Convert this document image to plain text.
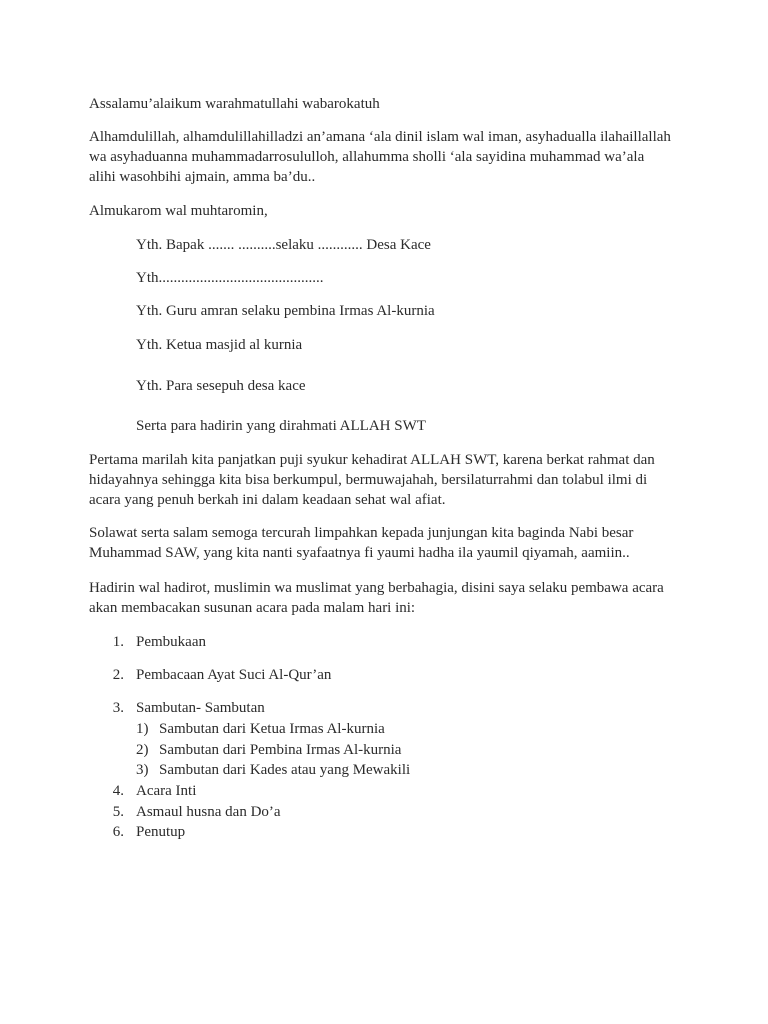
Assalamu’alaikum warahmatullahi wabarokatuh
Alhamdulillah, alhamdulillahilladzi an’amana ‘ala dinil islam wal iman, asyhadualla ilahaillallah
wa asyhaduanna muhammadarrosululloh, allahumma sholli ‘ala sayidina muhammad wa’ala
alihi wasohbihi ajmain, amma ba’du..
Almukarom wal muhtaromin,
Yth. Bapak ....... ..........selaku ............ Desa Kace
Yth............................................
Yth. Guru amran selaku pembina Irmas Al-kurnia
Yth. Ketua masjid al kurnia
Yth. Para sesepuh desa kace
Serta para hadirin yang dirahmati ALLAH SWT
Pertama marilah kita panjatkan puji syukur kehadirat ALLAH SWT, karena berkat rahmat dan
hidayahnya sehingga kita bisa berkumpul, bermuwajahah, bersilaturrahmi dan tolabul ilmi di
acara yang penuh berkah ini dalam keadaan sehat wal afiat.
Solawat serta salam semoga tercurah limpahkan kepada junjungan kita baginda Nabi besar
Muhammad SAW, yang kita nanti syafaatnya fi yaumi hadha ila yaumil qiyamah, aamiin..
Hadirin wal hadirot, muslimin wa muslimat yang berbahagia, disini saya selaku pembawa acara
akan membacakan susunan acara pada malam hari ini:
1. Pembukaan
2. Pembacaan Ayat Suci Al-Qur’an
3. Sambutan- Sambutan
1) Sambutan dari Ketua Irmas Al-kurnia
2) Sambutan dari Pembina Irmas Al-kurnia
3) Sambutan dari Kades atau yang Mewakili
4. Acara Inti
5. Asmaul husna dan Do’a
6. Penutup
